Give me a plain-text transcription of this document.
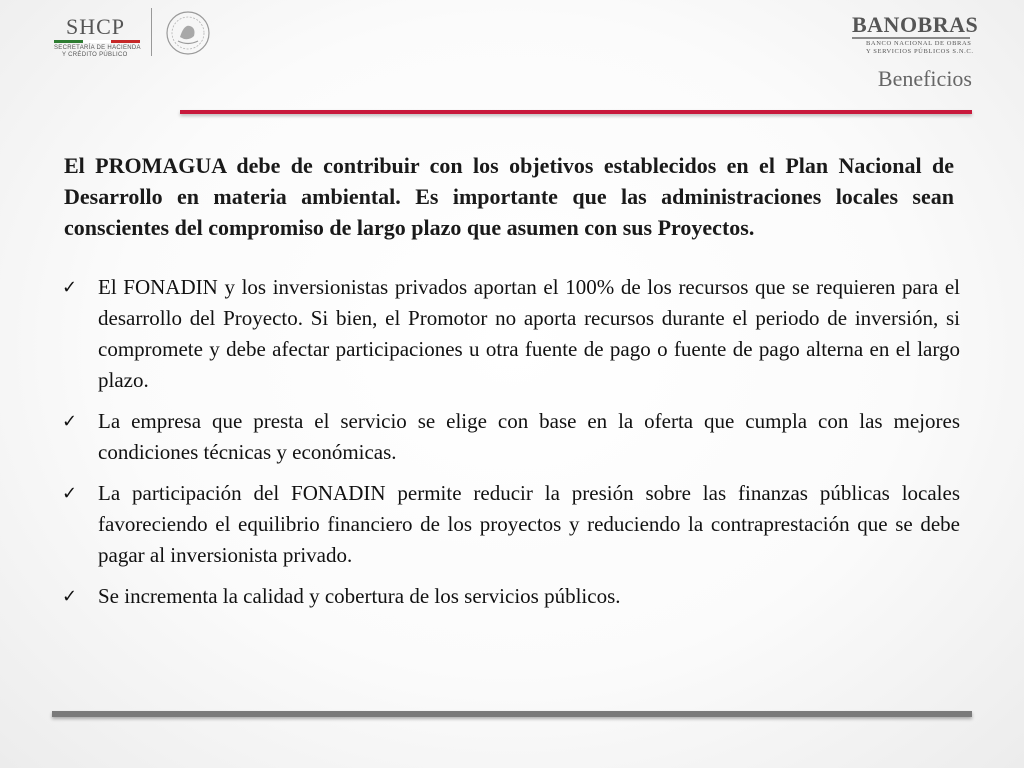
SHCP
SECRETARÍA DE HACIENDA
Y CRÉDITO PÚBLICO
BANOBRAS
BANCO NACIONAL DE OBRAS
Y SERVICIOS PÚBLICOS S.N.C.
Beneficios

El PROMAGUA debe de contribuir con los objetivos establecidos en el Plan Nacional de Desarrollo en materia ambiental. Es importante que las administraciones locales sean conscientes del compromiso de largo plazo que asumen con sus Proyectos.

✓ El FONADIN y los inversionistas privados aportan el 100% de los recursos que se requieren para el desarrollo del Proyecto. Si bien, el Promotor no aporta recursos durante el periodo de inversión, si compromete y debe afectar participaciones u otra fuente de pago o fuente de pago alterna en el largo plazo.
✓ La empresa que presta el servicio se elige con base en la oferta que cumpla con las mejores condiciones técnicas y económicas.
✓ La participación del FONADIN permite reducir la presión sobre las finanzas públicas locales favoreciendo el equilibrio financiero de los proyectos y reduciendo la contraprestación que se debe pagar al inversionista privado.
✓ Se incrementa la calidad y cobertura de los servicios públicos.
